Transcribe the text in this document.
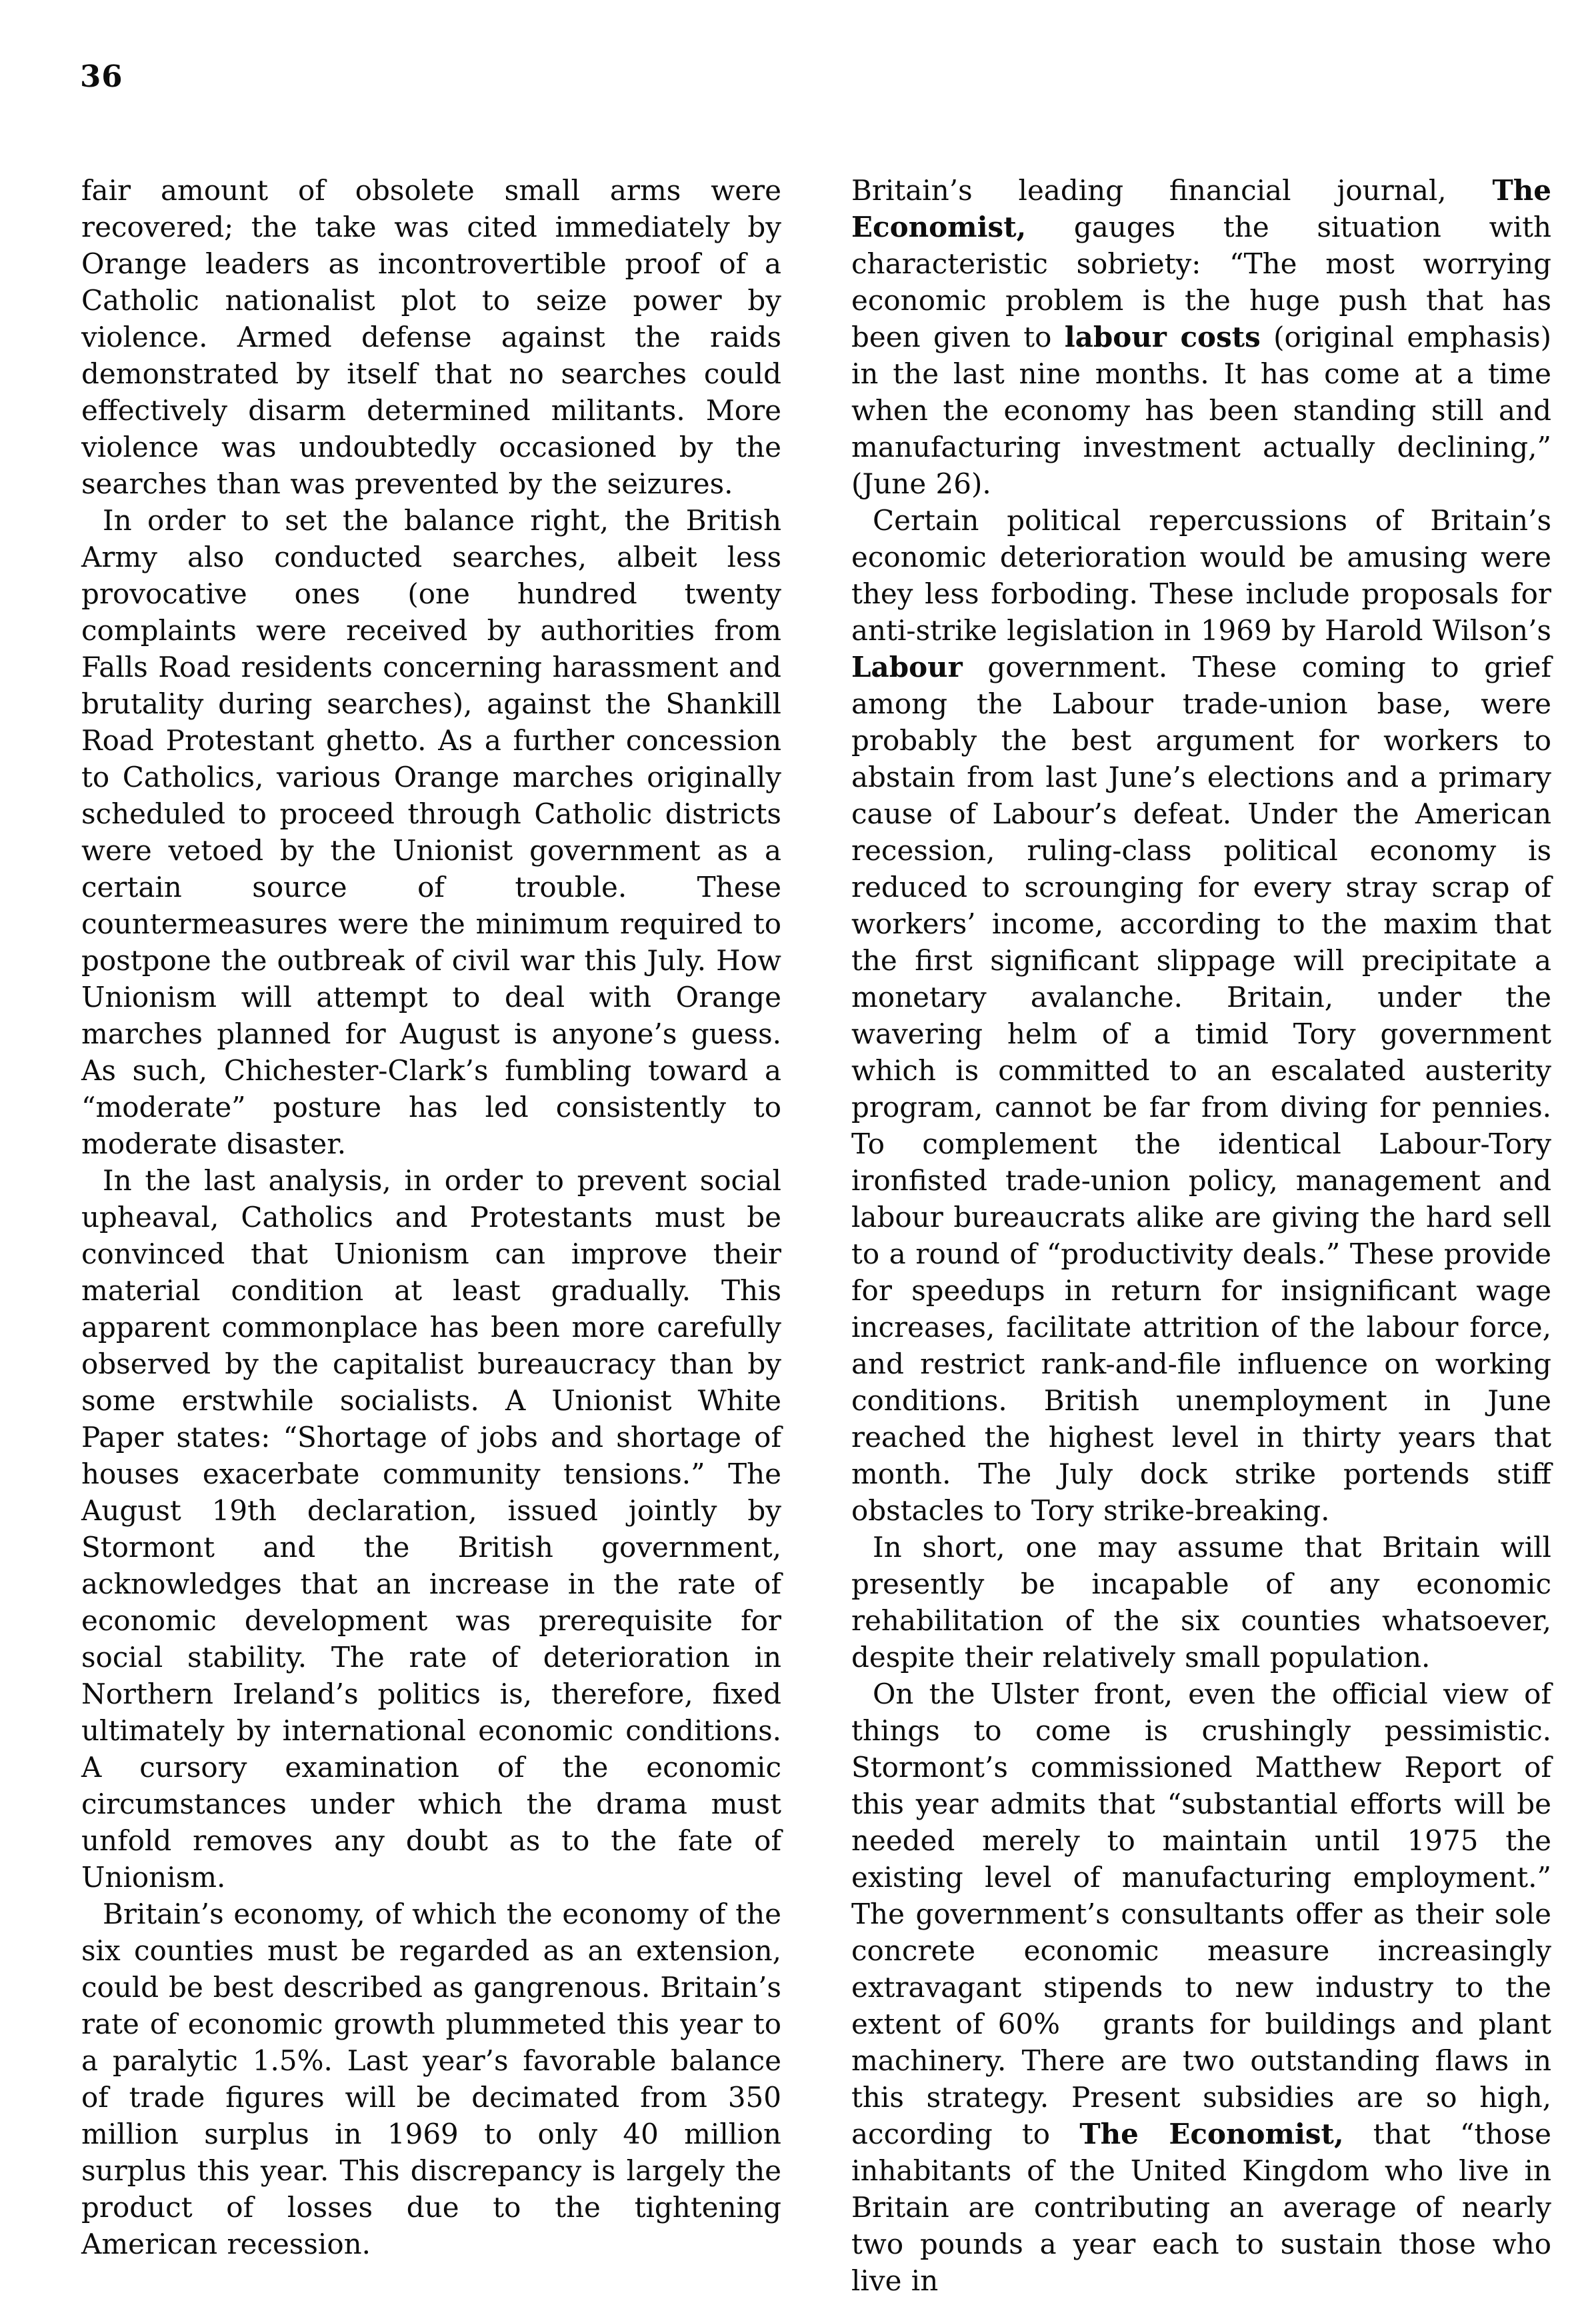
36

fair amount of obsolete small arms were recovered; the take was cited immediately by Orange leaders as incontrovertible proof of a Catholic nationalist plot to seize power by violence. Armed defense against the raids demonstrated by itself that no searches could effectively disarm determined militants. More violence was undoubtedly occasioned by the searches than was prevented by the seizures.

In order to set the balance right, the British Army also conducted searches, albeit less provocative ones (one hundred twenty complaints were received by authorities from Falls Road residents concerning harassment and brutality during searches), against the Shankill Road Protestant ghetto. As a further concession to Catholics, various Orange marches originally scheduled to proceed through Catholic districts were vetoed by the Unionist government as a certain source of trouble. These countermeasures were the minimum required to postpone the outbreak of civil war this July. How Unionism will attempt to deal with Orange marches planned for August is anyone’s guess. As such, Chichester-Clark’s fumbling toward a “moderate” posture has led consistently to moderate disaster.

In the last analysis, in order to prevent social upheaval, Catholics and Protestants must be convinced that Unionism can improve their material condition at least gradually. This apparent commonplace has been more carefully observed by the capitalist bureaucracy than by some erstwhile socialists. A Unionist White Paper states: “Shortage of jobs and shortage of houses exacerbate community tensions.” The August 19th declaration, issued jointly by Stormont and the British government, acknowledges that an increase in the rate of economic development was prerequisite for social stability. The rate of deterioration in Northern Ireland’s politics is, therefore, fixed ultimately by international economic conditions. A cursory examination of the economic circumstances under which the drama must unfold removes any doubt as to the fate of Unionism.

Britain’s economy, of which the economy of the six counties must be regarded as an extension, could be best described as gangrenous. Britain’s rate of economic growth plummeted this year to a paralytic 1.5%. Last year’s favorable balance of trade figures will be decimated from 350 million surplus in 1969 to only 40 million surplus this year. This discrepancy is largely the product of losses due to the tightening American recession.

Britain’s leading financial journal, The Economist, gauges the situation with characteristic sobriety: “The most worrying economic problem is the huge push that has been given to labour costs (original emphasis) in the last nine months. It has come at a time when the economy has been standing still and manufacturing investment actually declining,” (June 26).

Certain political repercussions of Britain’s economic deterioration would be amusing were they less forboding. These include proposals for anti-strike legislation in 1969 by Harold Wilson’s Labour government. These coming to grief among the Labour trade-union base, were probably the best argument for workers to abstain from last June’s elections and a primary cause of Labour’s defeat. Under the American recession, ruling-class political economy is reduced to scrounging for every stray scrap of workers’ income, according to the maxim that the first significant slippage will precipitate a monetary avalanche. Britain, under the wavering helm of a timid Tory government which is committed to an escalated austerity program, cannot be far from diving for pennies. To complement the identical Labour-Tory ironfisted trade-union policy, management and labour bureaucrats alike are giving the hard sell to a round of “productivity deals.” These provide for speedups in return for insignificant wage increases, facilitate attrition of the labour force, and restrict rank-and-file influence on working conditions. British unemployment in June reached the highest level in thirty years that month. The July dock strike portends stiff obstacles to Tory strike-breaking.

In short, one may assume that Britain will presently be incapable of any economic rehabilitation of the six counties whatsoever, despite their relatively small population.

On the Ulster front, even the official view of things to come is crushingly pessimistic. Stormont’s commissioned Matthew Report of this year admits that “substantial efforts will be needed merely to maintain until 1975 the existing level of manufacturing employment.” The government’s consultants offer as their sole concrete economic measure increasingly extravagant stipends to new industry to the extent of 60%  grants for buildings and plant machinery. There are two outstanding flaws in this strategy. Present subsidies are so high, according to The Economist, that “those inhabitants of the United Kingdom who live in Britain are contributing an average of nearly two pounds a year each to sustain those who live in
